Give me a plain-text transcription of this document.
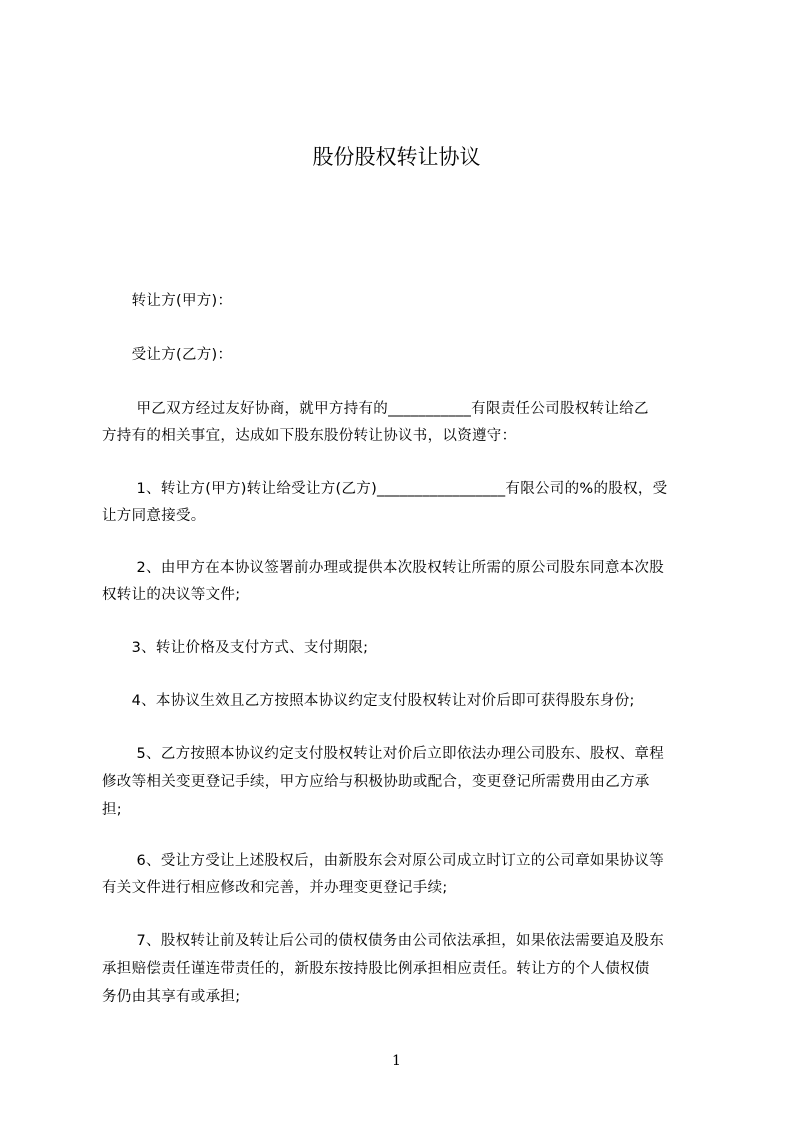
股份股权转让协议
　　转让方(甲方)：
　　受让方(乙方)：
　　 甲乙双方经过友好协商，就甲方持有的___________有限责任公司股权转让给乙
方持有的相关事宜，达成如下股东股份转让协议书，以资遵守：
　　 1、转让方(甲方)转让给受让方(乙方)_________________有限公司的%的股权，受
让方同意接受。
　　 2、由甲方在本协议签署前办理或提供本次股权转让所需的原公司股东同意本次股
权转让的决议等文件;
　　3、转让价格及支付方式、支付期限;
　　4、本协议生效且乙方按照本协议约定支付股权转让对价后即可获得股东身份;
　　 5、乙方按照本协议约定支付股权转让对价后立即依法办理公司股东、股权、章程
修改等相关变更登记手续，甲方应给与积极协助或配合，变更登记所需费用由乙方承
担;
　　 6、受让方受让上述股权后，由新股东会对原公司成立时订立的公司章如果协议等
有关文件进行相应修改和完善，并办理变更登记手续;
　　 7、股权转让前及转让后公司的债权债务由公司依法承担，如果依法需要追及股东
承担赔偿责任谨连带责任的，新股东按持股比例承担相应责任。转让方的个人债权债
务仍由其享有或承担;
1
